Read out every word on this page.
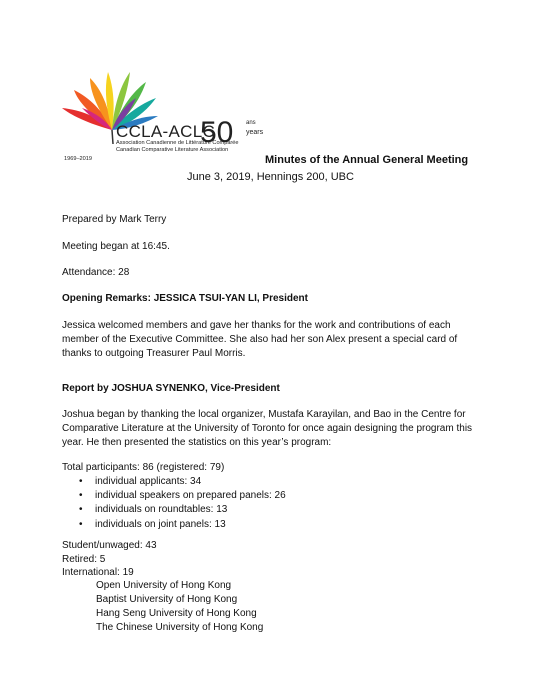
CCLA-ACLC
50 ans
years
Association Canadienne de Littérature Comparée
Canadian Comparative Literature Association
1969–2019	Minutes of the Annual General Meeting
June 3, 2019, Hennings 200, UBC
Prepared by Mark Terry
Meeting began at 16:45.
Attendance: 28
Opening Remarks: JESSICA TSUI-YAN LI, President
Jessica welcomed members and gave her thanks for the work and contributions of each member of the Executive Committee. She also had her son Alex present a special card of thanks to outgoing Treasurer Paul Morris.
Report by JOSHUA SYNENKO, Vice-President
Joshua began by thanking the local organizer, Mustafa Karayilan, and Bao in the Centre for Comparative Literature at the University of Toronto for once again designing the program this year. He then presented the statistics on this year’s program:
Total participants: 86 (registered: 79)
• individual applicants: 34
• individual speakers on prepared panels: 26
• individuals on roundtables: 13
• individuals on joint panels: 13
Student/unwaged: 43
Retired: 5
International: 19
Open University of Hong Kong
Baptist University of Hong Kong
Hang Seng University of Hong Kong
The Chinese University of Hong Kong
